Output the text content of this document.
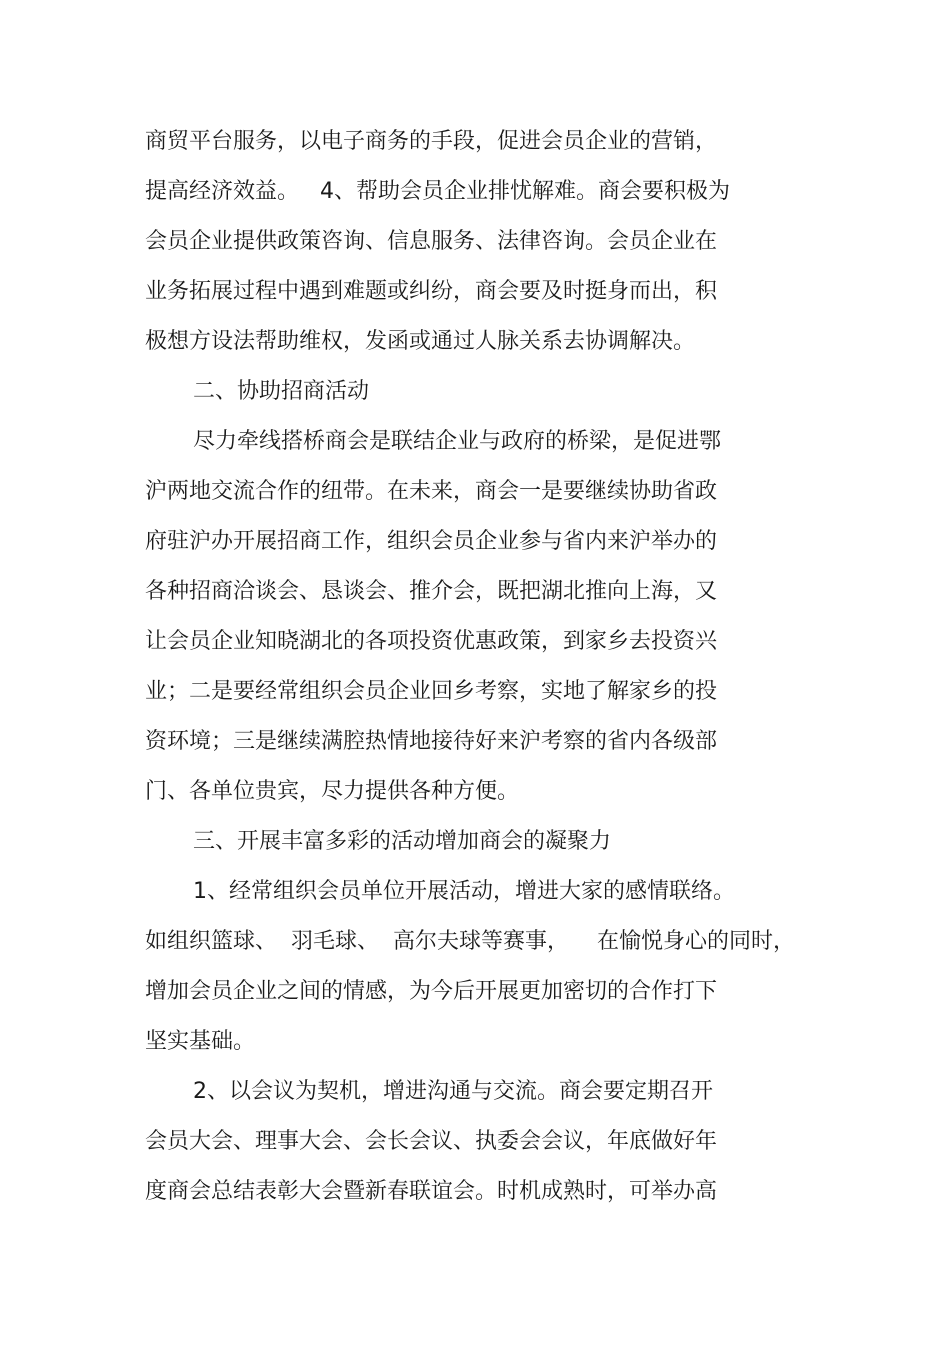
商贸平台服务，以电子商务的手段，促进会员企业的营销，

提高经济效益。   4、帮助会员企业排忧解难。商会要积极为

会员企业提供政策咨询、信息服务、法律咨询。会员企业在

业务拓展过程中遇到难题或纠纷，商会要及时挺身而出，积

极想方设法帮助维权，发函或通过人脉关系去协调解决。

二、协助招商活动

尽力牵线搭桥商会是联结企业与政府的桥梁，是促进鄂

沪两地交流合作的纽带。在未来，商会一是要继续协助省政

府驻沪办开展招商工作，组织会员企业参与省内来沪举办的

各种招商洽谈会、恳谈会、推介会，既把湖北推向上海，又

让会员企业知晓湖北的各项投资优惠政策，到家乡去投资兴

业；二是要经常组织会员企业回乡考察，实地了解家乡的投

资环境；三是继续满腔热情地接待好来沪考察的省内各级部

门、各单位贵宾，尽力提供各种方便。

三、开展丰富多彩的活动增加商会的凝聚力

1、经常组织会员单位开展活动，增进大家的感情联络。

如组织篮球、  羽毛球、  高尔夫球等赛事，    在愉悦身心的同时，

增加会员企业之间的情感，为今后开展更加密切的合作打下

坚实基础。

2、以会议为契机，增进沟通与交流。商会要定期召开

会员大会、理事大会、会长会议、执委会会议，年底做好年

度商会总结表彰大会暨新春联谊会。时机成熟时，可举办高
